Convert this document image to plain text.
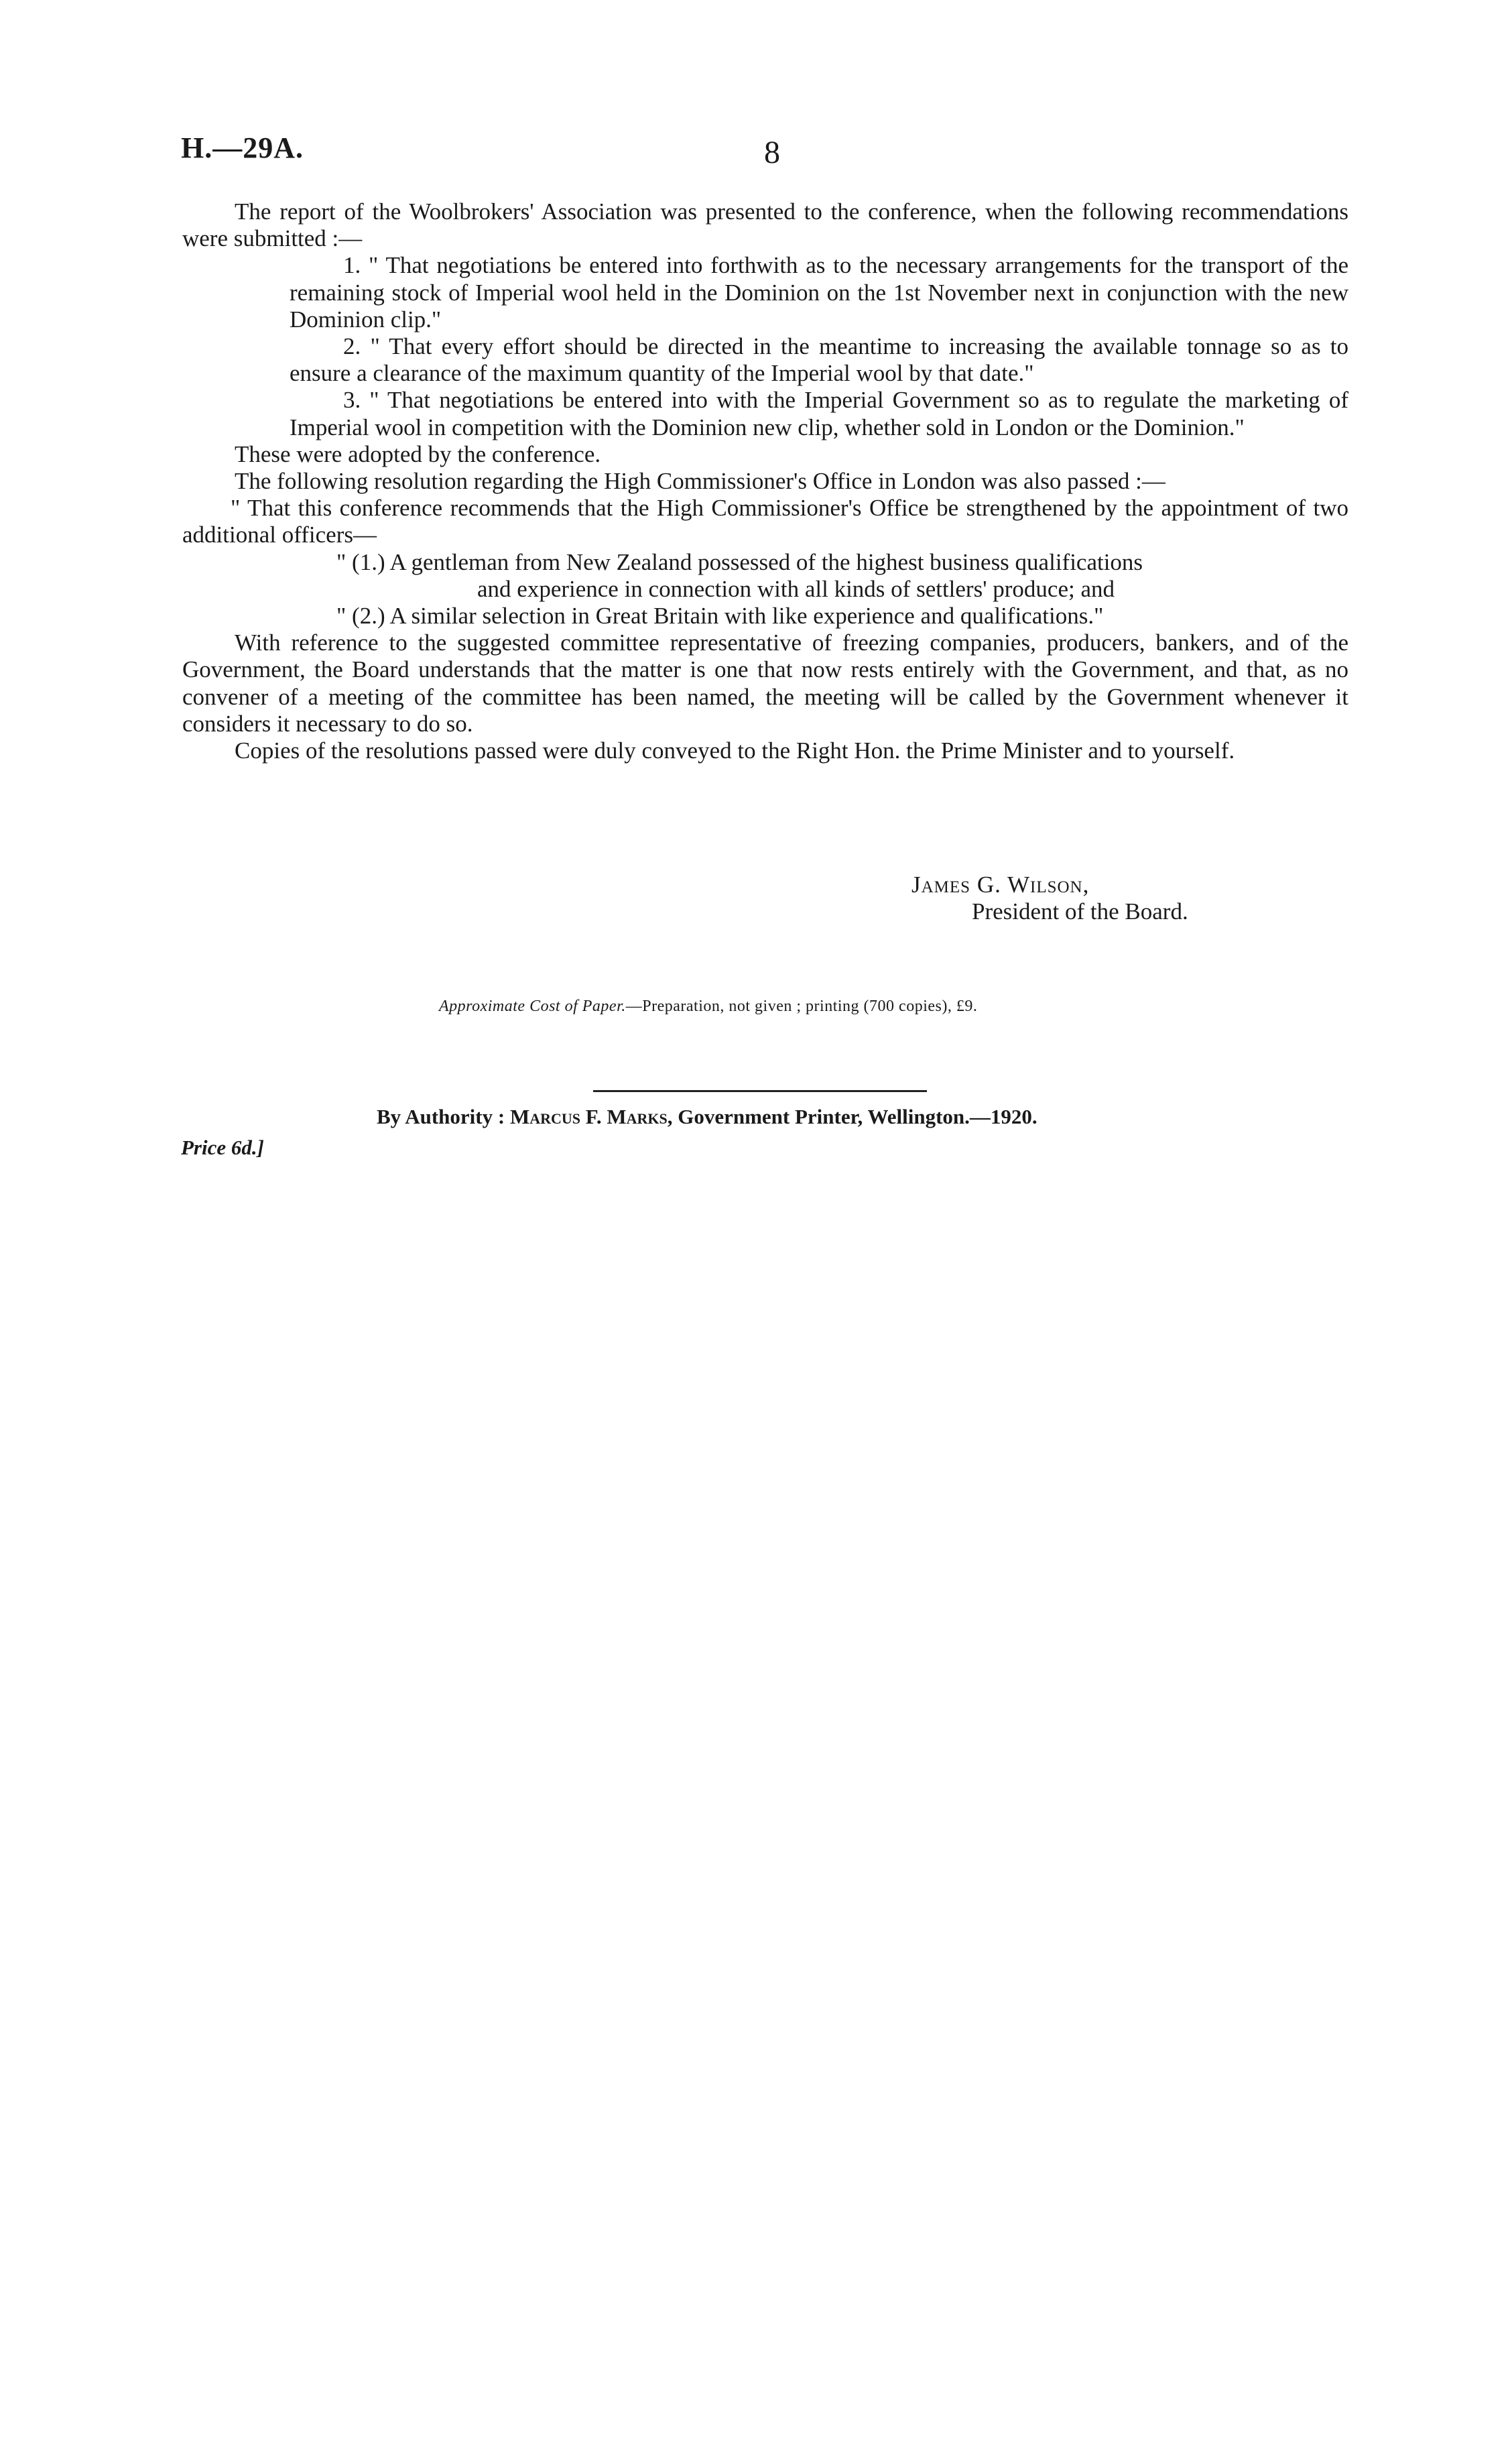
H.—29A.	8

The report of the Woolbrokers' Association was presented to the conference, when the following recommendations were submitted :—

1. " That negotiations be entered into forthwith as to the necessary arrangements for the transport of the remaining stock of Imperial wool held in the Dominion on the 1st November next in conjunction with the new Dominion clip."

2. " That every effort should be directed in the meantime to increasing the available tonnage so as to ensure a clearance of the maximum quantity of the Imperial wool by that date."

3. " That negotiations be entered into with the Imperial Government so as to regulate the marketing of Imperial wool in competition with the Dominion new clip, whether sold in London or the Dominion."

These were adopted by the conference.

The following resolution regarding the High Commissioner's Office in London was also passed :—

" That this conference recommends that the High Commissioner's Office be strengthened by the appointment of two additional officers—

" (1.) A gentleman from New Zealand possessed of the highest business qualifications

and experience in connection with all kinds of settlers' produce; and

" (2.) A similar selection in Great Britain with like experience and qualifications."

With reference to the suggested committee representative of freezing companies, producers, bankers, and of the Government, the Board understands that the matter is one that now rests entirely with the Government, and that, as no convener of a meeting of the committee has been named, the meeting will be called by the Government whenever it considers it necessary to do so.

Copies of the resolutions passed were duly conveyed to the Right Hon. the Prime Minister and to yourself.

James G. Wilson,
President of the Board.
Approximate Cost of Paper.—Preparation, not given ; printing (700 copies), £9.
By Authority : Marcus F. Marks, Government Printer, Wellington.—1920.
Price 6d.]
